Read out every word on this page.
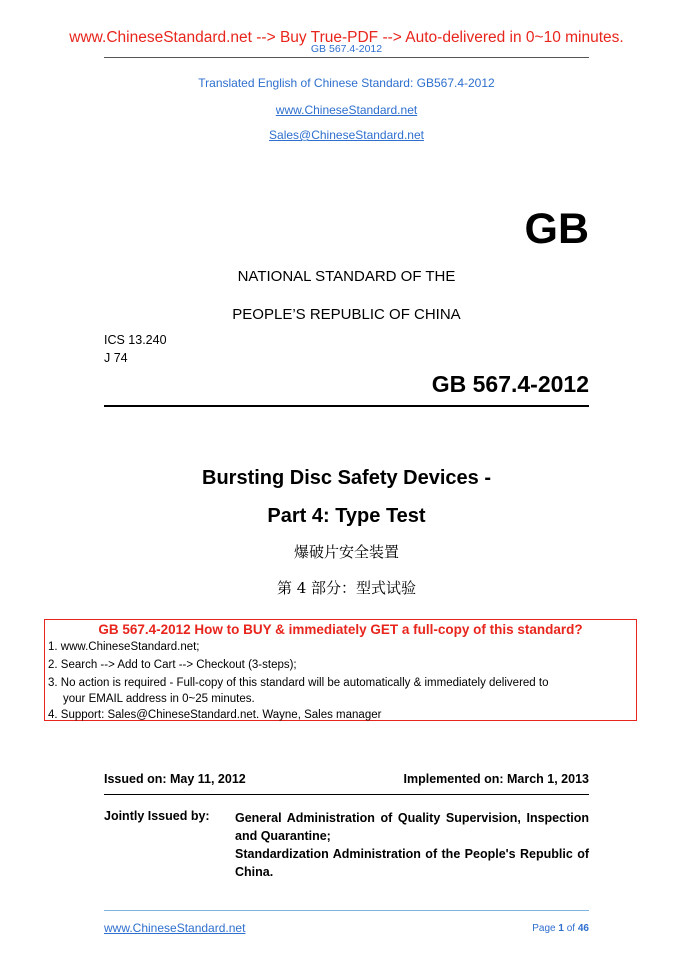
www.ChineseStandard.net --> Buy True-PDF --> Auto-delivered in 0~10 minutes.
GB 567.4-2012
Translated English of Chinese Standard: GB567.4-2012
www.ChineseStandard.net
Sales@ChineseStandard.net
GB
NATIONAL STANDARD OF THE
PEOPLE’S REPUBLIC OF CHINA
ICS 13.240
J 74
GB 567.4-2012
Bursting Disc Safety Devices -
Part 4: Type Test
爆破片安全装置
第 4 部分：型式试验
GB 567.4-2012 How to BUY & immediately GET a full-copy of this standard?
1. www.ChineseStandard.net;
2. Search --> Add to Cart --> Checkout (3-steps);
3. No action is required - Full-copy of this standard will be automatically & immediately delivered to
your EMAIL address in 0~25 minutes.
4. Support: Sales@ChineseStandard.net. Wayne, Sales manager
Issued on: May 11, 2012	Implemented on: March 1, 2013
Jointly Issued by: General Administration of Quality Supervision, Inspection and Quarantine;
Standardization Administration of the People's Republic of China.
www.ChineseStandard.net	Page 1 of 46
